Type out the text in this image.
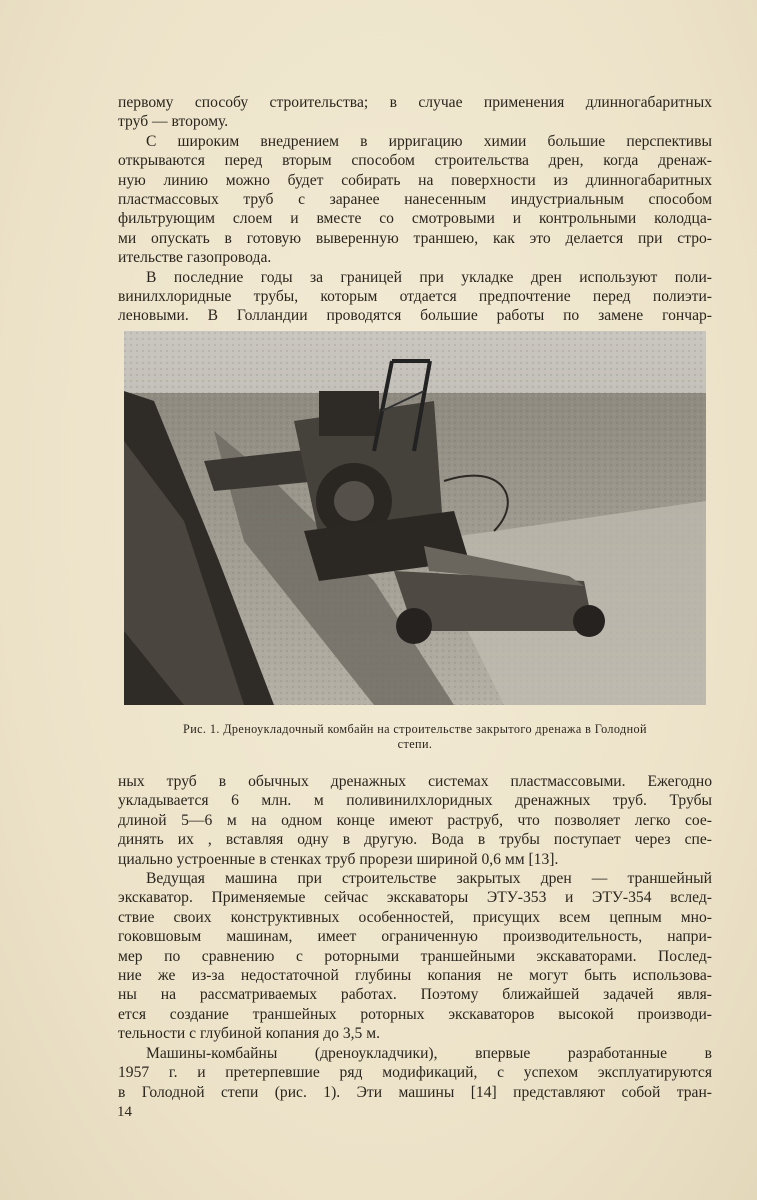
первому способу строительства; в случае применения длинногабаритных
труб — второму.

С широким внедрением в ирригацию химии большие перспективы
открываются перед вторым способом строительства дрен, когда дренаж-
ную линию можно будет собирать на поверхности из длинногабаритных
пластмассовых труб с заранее нанесенным индустриальным способом
фильтрующим слоем и вместе со смотровыми и контрольными колодца-
ми опускать в готовую выверенную траншею, как это делается при стро-
ительстве газопровода.

В последние годы за границей при укладке дрен используют поли-
винилхлоридные трубы, которым отдается предпочтение перед полиэти-
леновыми. В Голландии проводятся большие работы по замене гончар-

Рис. 1. Дреноукладочный комбайн на строительстве закрытого дренажа в Голодной
степи.

ных труб в обычных дренажных системах пластмассовыми. Ежегодно
укладывается 6 млн. м поливинилхлоридных дренажных труб. Трубы
длиной 5—6 м на одном конце имеют раструб, что позволяет легко сое-
динять их , вставляя одну в другую. Вода в трубы поступает через спе-
циально устроенные в стенках труб прорези шириной 0,6 мм [13].

Ведущая машина при строительстве закрытых дрен — траншейный
экскаватор. Применяемые сейчас экскаваторы ЭТУ-353 и ЭТУ-354 вслед-
ствие своих конструктивных особенностей, присущих всем цепным мно-
гоковшовым машинам, имеет ограниченную производительность, напри-
мер по сравнению с роторными траншейными экскаваторами. Послед-
ние же из-за недостаточной глубины копания не могут быть использова-
ны на рассматриваемых работах. Поэтому ближайшей задачей явля-
ется создание траншейных роторных экскаваторов высокой производи-
тельности с глубиной копания до 3,5 м.

Машины-комбайны (дреноукладчики), впервые разработанные в
1957 г. и претерпевшие ряд модификаций, с успехом эксплуатируются
в Голодной степи (рис. 1). Эти машины [14] представляют собой тран-

14
